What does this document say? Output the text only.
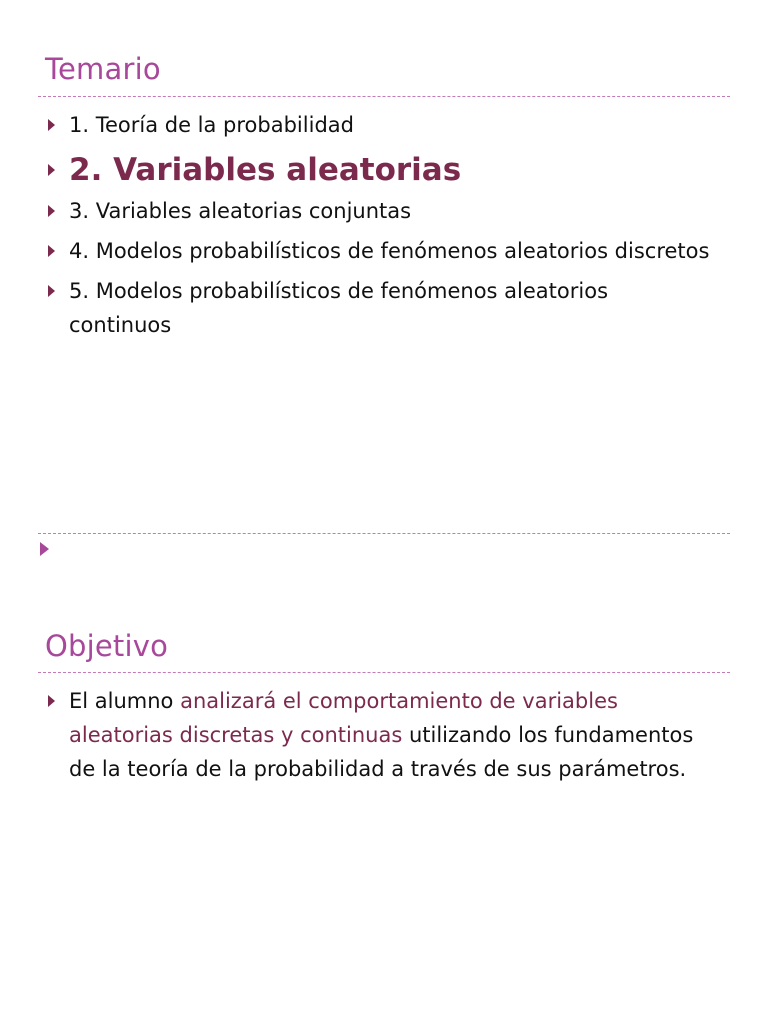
Temario
1. Teoría de la probabilidad
2. Variables aleatorias
3. Variables aleatorias conjuntas
4. Modelos probabilísticos de fenómenos aleatorios discretos
5. Modelos probabilísticos de fenómenos aleatorios continuos
Objetivo
El alumno analizará el comportamiento de variables aleatorias discretas y continuas utilizando los fundamentos de la teoría de la probabilidad a través de sus parámetros.
